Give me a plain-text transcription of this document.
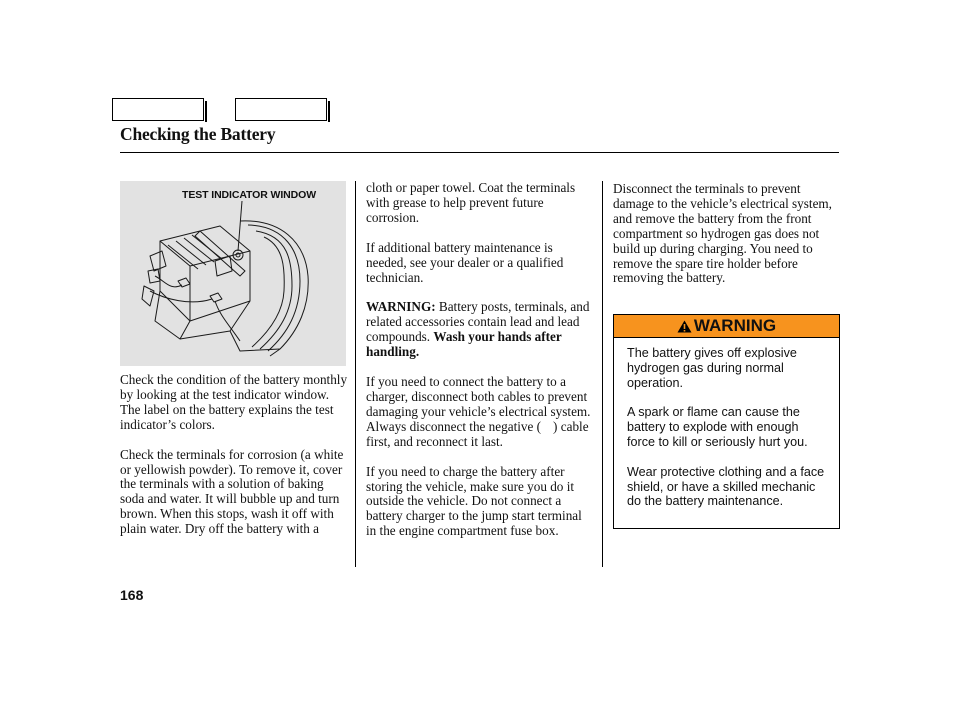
Checking the Battery
TEST INDICATOR WINDOW

Check the condition of the battery monthly by looking at the test indicator window. The label on the battery explains the test indicator’s colors.

Check the terminals for corrosion (a white or yellowish powder). To remove it, cover the terminals with a solution of baking soda and water. It will bubble up and turn brown. When this stops, wash it off with plain water. Dry off the battery with a

cloth or paper towel. Coat the terminals with grease to help prevent future corrosion.

If additional battery maintenance is needed, see your dealer or a qualified technician.

WARNING: Battery posts, terminals, and related accessories contain lead and lead compounds. Wash your hands after handling.

If you need to connect the battery to a charger, disconnect both cables to prevent damaging your vehicle’s electrical system. Always disconnect the negative ( ) cable first, and reconnect it last.

If you need to charge the battery after storing the vehicle, make sure you do it outside the vehicle. Do not connect a battery charger to the jump start terminal in the engine compartment fuse box.

Disconnect the terminals to prevent damage to the vehicle’s electrical system, and remove the battery from the front compartment so hydrogen gas does not build up during charging. You need to remove the spare tire holder before removing the battery.

WARNING

The battery gives off explosive hydrogen gas during normal operation.

A spark or flame can cause the battery to explode with enough force to kill or seriously hurt you.

Wear protective clothing and a face shield, or have a skilled mechanic do the battery maintenance.

168
